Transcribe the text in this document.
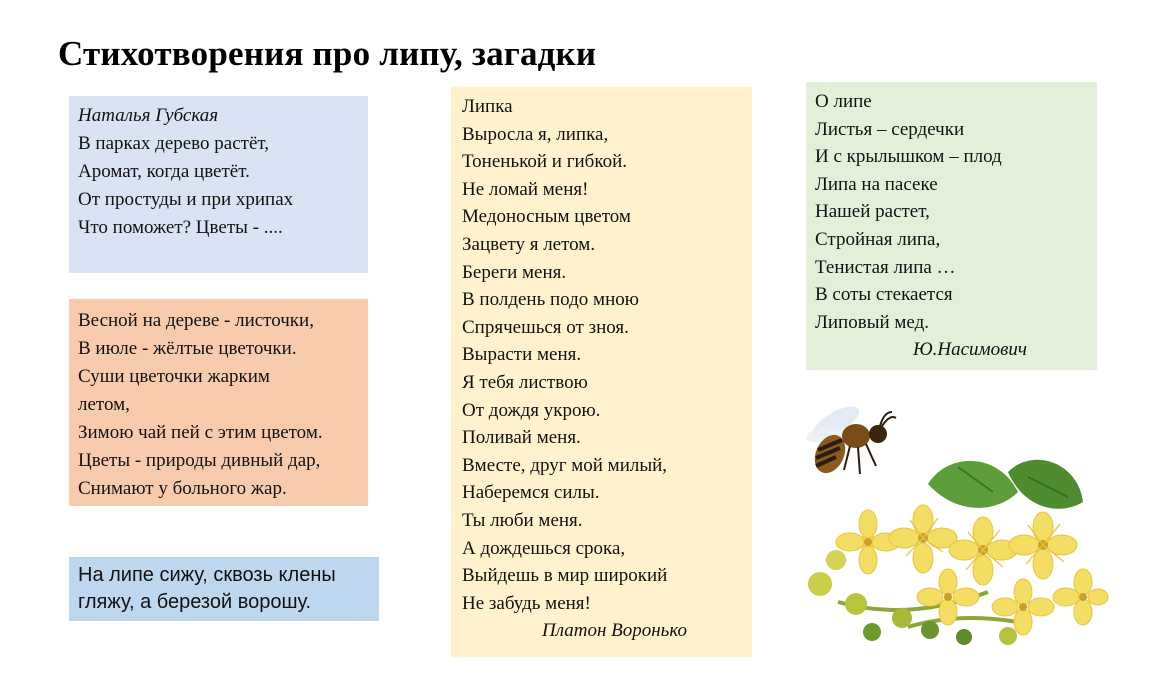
Стихотворения про липу, загадки
Наталья Губская
В парках дерево растёт,
Аромат, когда цветёт.
От простуды и при хрипах
Что поможет? Цветы - ....
Весной на дереве - листочки,
В июле - жёлтые цветочки.
Суши цветочки жарким
летом,
Зимою чай пей с этим цветом.
Цветы - природы дивный дар,
Снимают у больного жар.
На липе сижу, сквозь клены
гляжу, а березой ворошу.
Липка
Выросла я, липка,
Тоненькой и гибкой.
Не ломай меня!
Медоносным цветом
Зацвету я летом.
Береги меня.
В полдень подо мною
Спрячешься от зноя.
Вырасти меня.
Я тебя листвою
От дождя укрою.
Поливай меня.
Вместе, друг мой милый,
Наберемся силы.
Ты люби меня.
А дождешься срока,
Выйдешь в мир широкий
Не забудь меня!
Платон Воронько
О липе
Листья – сердечки
И с крылышком – плод
Липа на пасеке
Нашей растет,
Стройная липа,
Тенистая липа …
В соты стекается
Липовый мед.
Ю.Насимович
